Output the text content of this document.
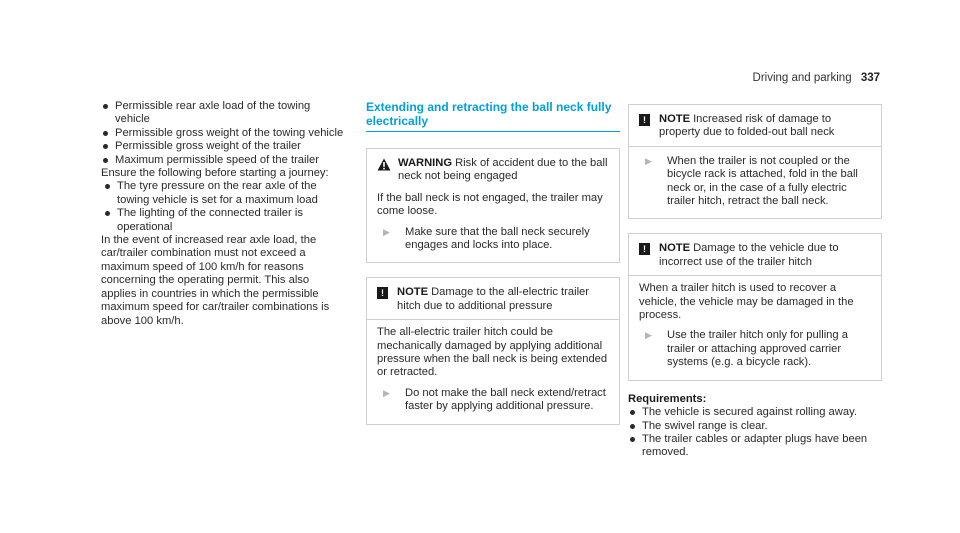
Driving and parking 337
Permissible rear axle load of the towing vehicle
Permissible gross weight of the towing vehicle
Permissible gross weight of the trailer
Maximum permissible speed of the trailer

Ensure the following before starting a journey:

The tyre pressure on the rear axle of the towing vehicle is set for a maximum load
The lighting of the connected trailer is operational

In the event of increased rear axle load, the car/trailer combination must not exceed a maximum speed of 100 km/h for reasons concerning the operating permit. This also applies in countries in which the permissible maximum speed for car/trailer combinations is above 100 km/h.

Extending and retracting the ball neck fully electrically
WARNING Risk of accident due to the ball neck not being engaged

If the ball neck is not engaged, the trailer may come loose.

▶	Make sure that the ball neck securely engages and locks into place.
!	NOTE Damage to the all-electric trailer hitch due to additional pressure

The all-electric trailer hitch could be mechanically damaged by applying additional pressure when the ball neck is being extended or retracted.

▶	Do not make the ball neck extend/retract faster by applying additional pressure.
!	NOTE Increased risk of damage to property due to folded-out ball neck
▶	When the trailer is not coupled or the bicycle rack is attached, fold in the ball neck or, in the case of a fully electric trailer hitch, retract the ball neck.
!	NOTE Damage to the vehicle due to incorrect use of the trailer hitch

When a trailer hitch is used to recover a vehicle, the vehicle may be damaged in the process.

▶	Use the trailer hitch only for pulling a trailer or attaching approved carrier systems (e.g. a bicycle rack).
Requirements:
The vehicle is secured against rolling away.
The swivel range is clear.
The trailer cables or adapter plugs have been removed.
